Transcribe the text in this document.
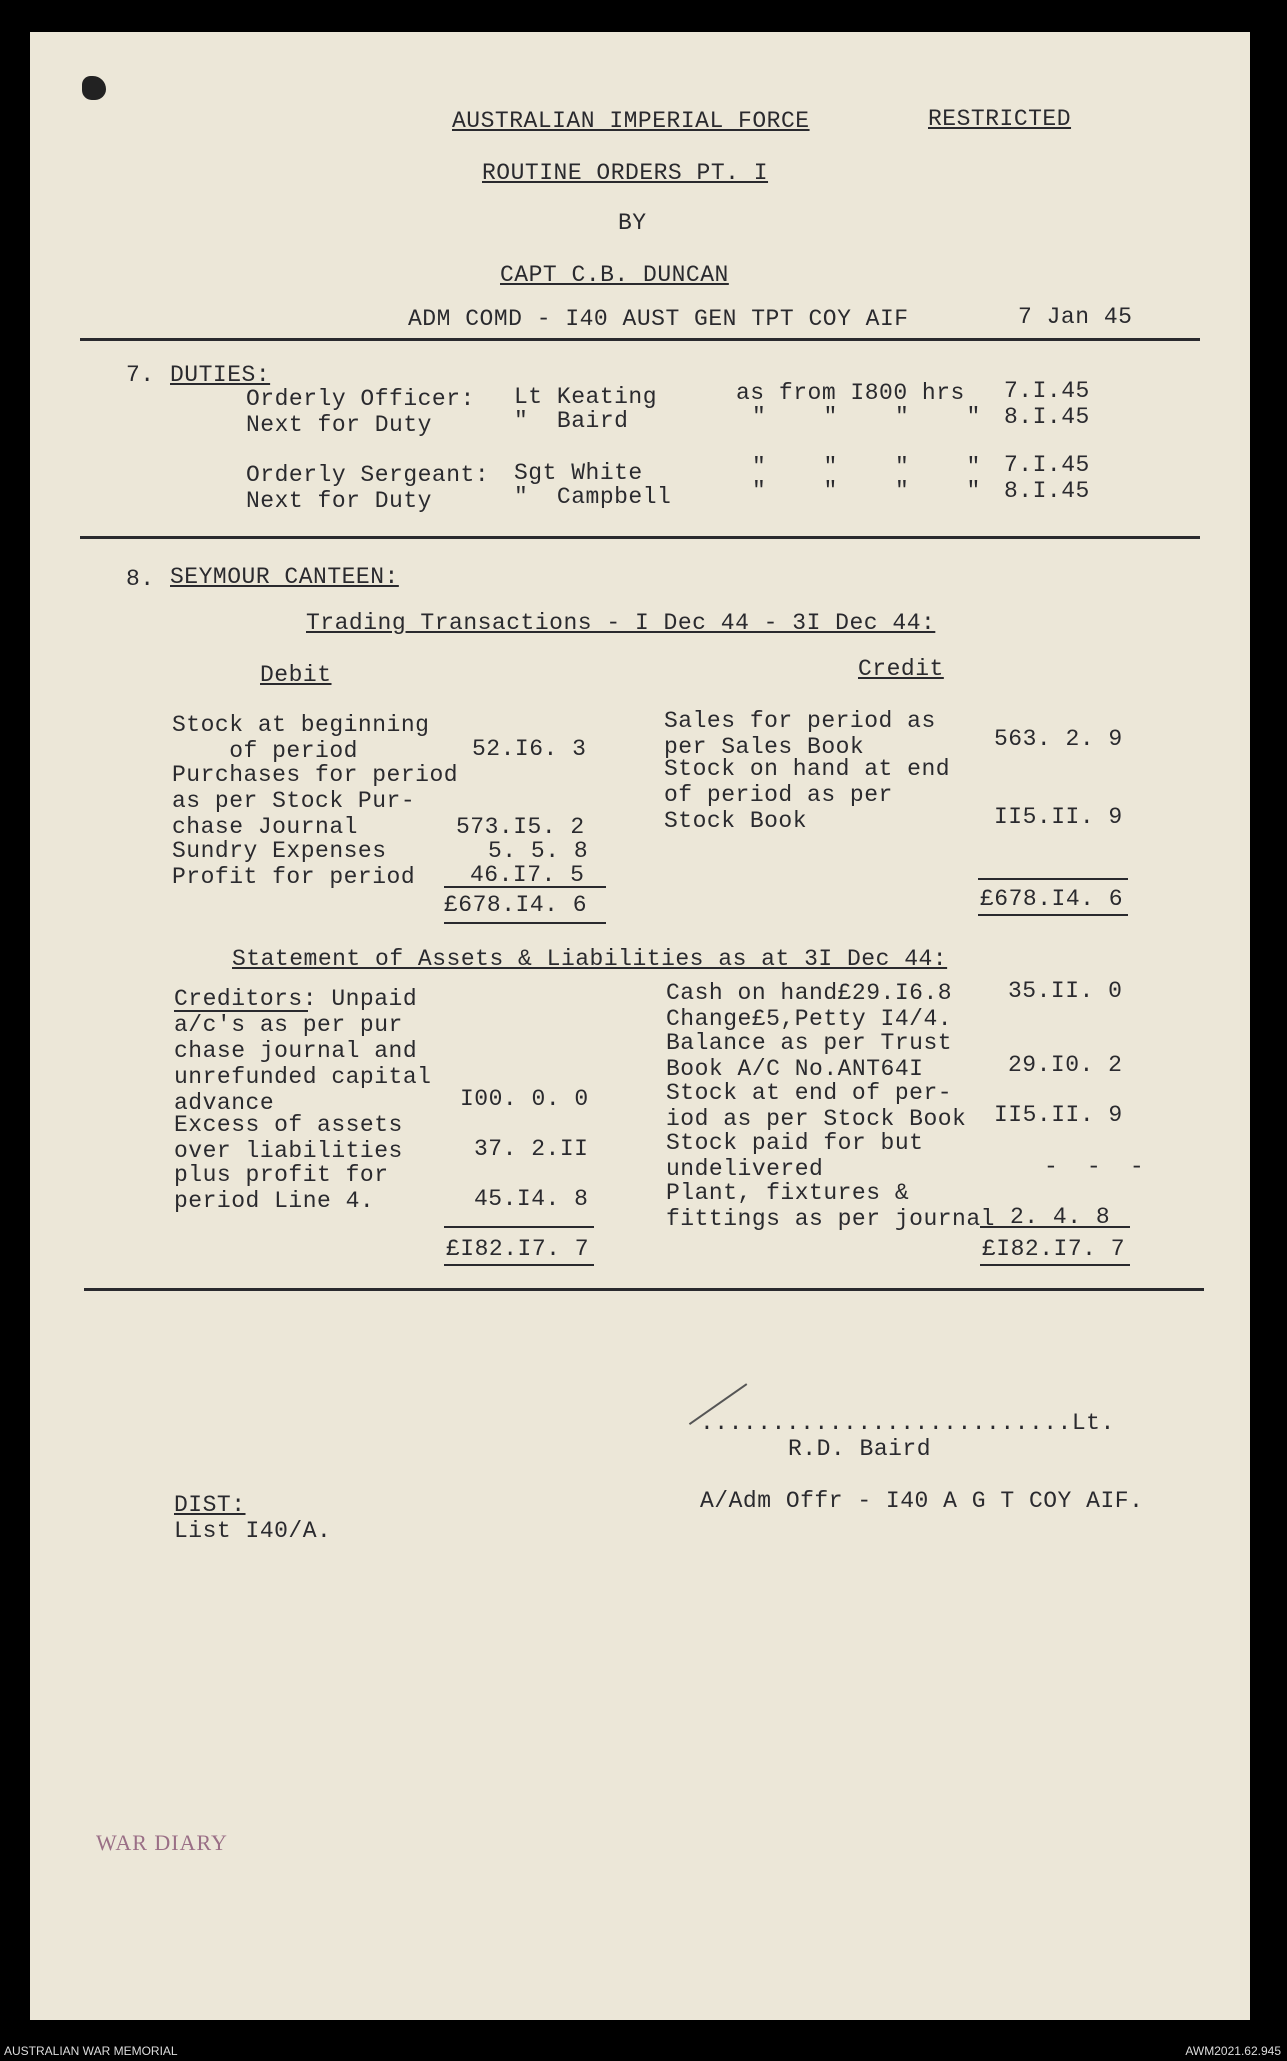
AUSTRALIAN IMPERIAL FORCE	RESTRICTED
ROUTINE ORDERS PT. I
BY
CAPT C.B. DUNCAN
ADM COMD - I40 AUST GEN TPT COY AIF	7 Jan 45
7. DUTIES:
Orderly Officer: Lt Keating	as from I800 hrs 7.I.45
Next for Duty	"  Baird	"    "    "    " 8.I.45
Orderly Sergeant: Sgt White	"    "    "    " 7.I.45
Next for Duty	"  Campbell	"    "    "    " 8.I.45
8. SEYMOUR CANTEEN:
Trading Transactions - I Dec 44 - 3I Dec 44:
Debit	Credit
Stock at beginning
of period	52.I6. 3
Purchases for period
as per Stock Pur-
chase Journal	573.I5. 2
Sundry Expenses	5. 5. 8
Profit for period 46.I7. 5
£678.I4. 6
Sales for period as
per Sales Book	563. 2. 9
Stock on hand at end
of period as per
Stock Book	II5.II. 9
£678.I4. 6
Statement of Assets & Liabilities as at 3I Dec 44:
Creditors: Unpaid
a/c's as per pur
chase journal and
unrefunded capital
advance	I00. 0. 0
Excess of assets
over liabilities	37. 2.II
plus profit for
period Line 4.	45.I4. 8
£I82.I7. 7
Cash on hand£29.I6.8
Change£5,Petty I4/4.
35.II. 0
Balance as per Trust
Book A/C No.ANT64I	29.I0. 2
Stock at end of per-
iod as per Stock Book II5.II. 9
Stock paid for but
undelivered	-  -  -
Plant, fixtures &
fittings as per journal 2. 4. 8
£I82.I7. 7
..........................Lt.
R.D. Baird
A/Adm Offr - I40 A G T COY AIF.
DIST:
List I40/A.
WAR DIARY
AUSTRALIAN WAR MEMORIAL	AWM2021.62.945
